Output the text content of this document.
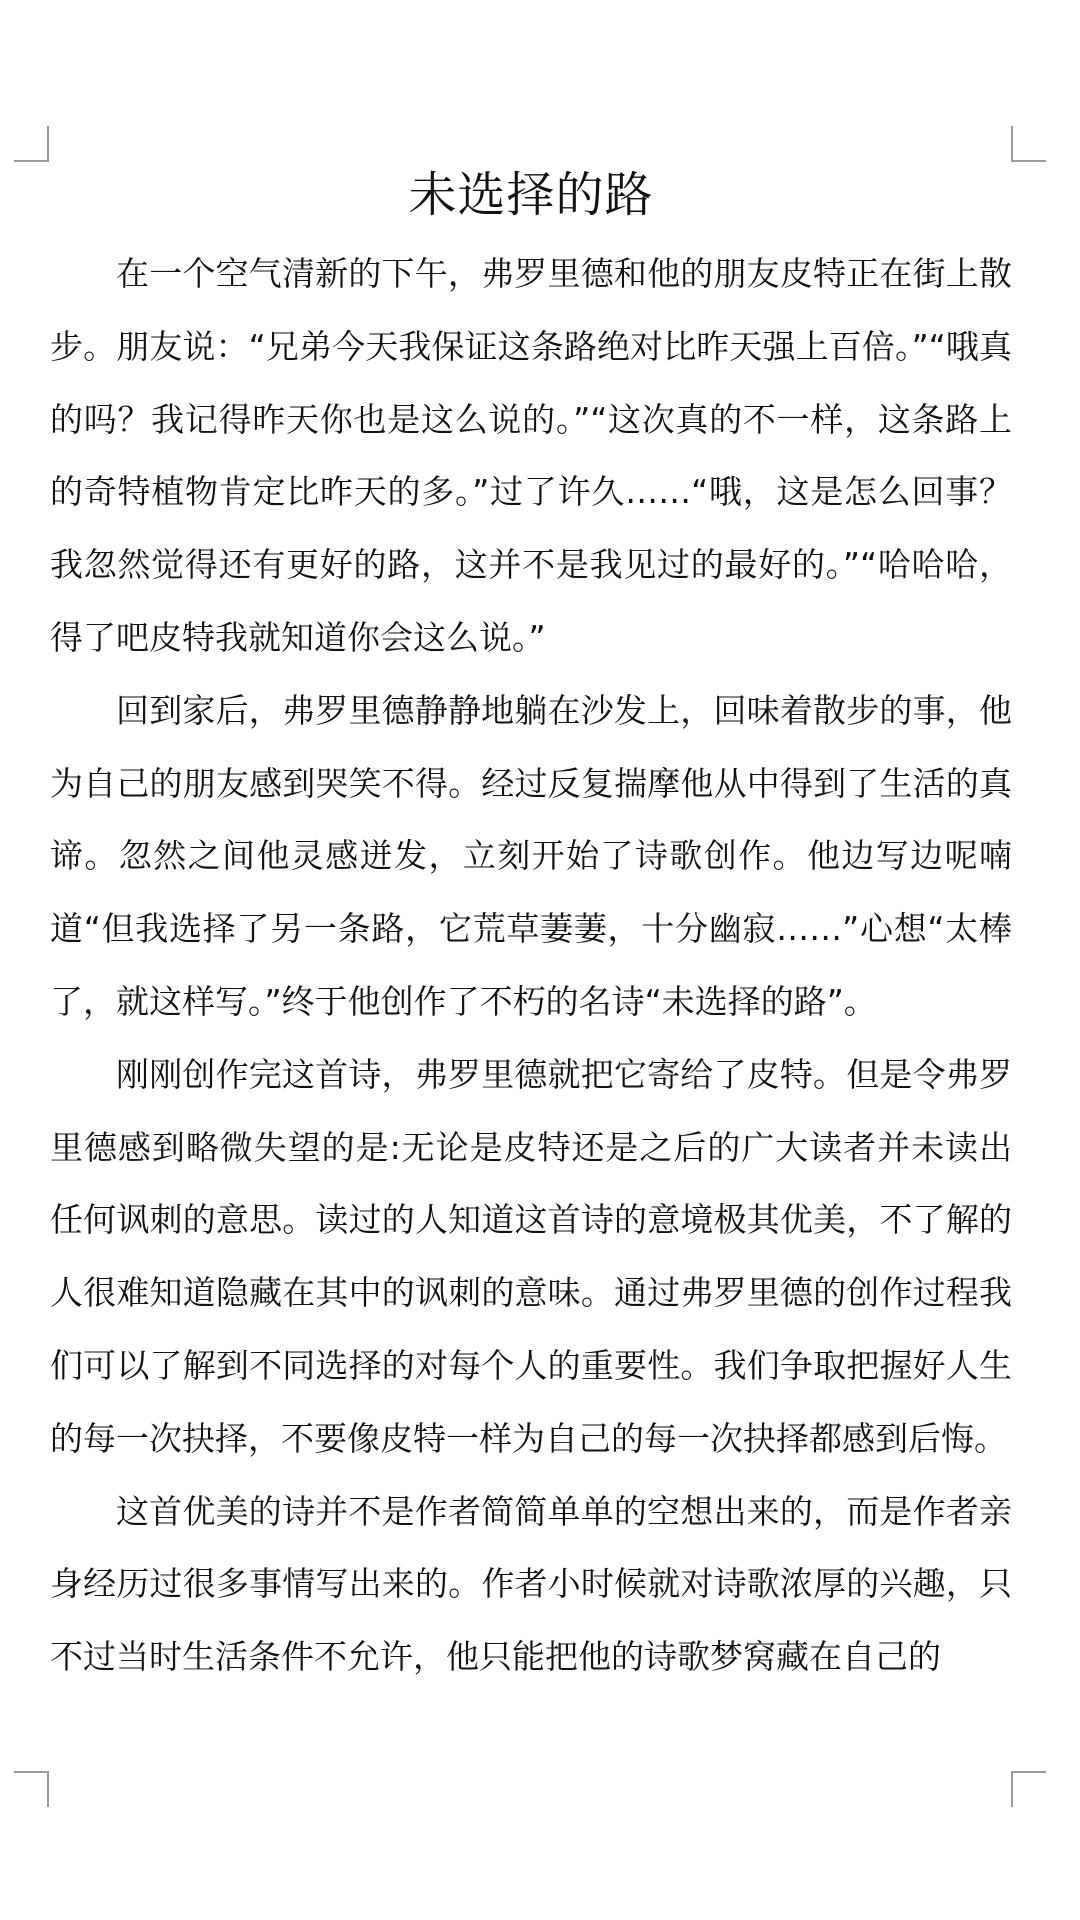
未选择的路

在一个空气清新的下午，弗罗里德和他的朋友皮特正在街上散步。朋友说：“兄弟今天我保证这条路绝对比昨天强上百倍。”“哦真的吗？我记得昨天你也是这么说的。”“这次真的不一样，这条路上的奇特植物肯定比昨天的多。”过了许久……“哦，这是怎么回事？我忽然觉得还有更好的路，这并不是我见过的最好的。”“哈哈哈，得了吧皮特我就知道你会这么说。”

回到家后，弗罗里德静静地躺在沙发上，回味着散步的事，他为自己的朋友感到哭笑不得。经过反复揣摩他从中得到了生活的真谛。忽然之间他灵感迸发，立刻开始了诗歌创作。他边写边呢喃道“但我选择了另一条路，它荒草萋萋，十分幽寂……”心想“太棒了，就这样写。”终于他创作了不朽的名诗“未选择的路”。

刚刚创作完这首诗，弗罗里德就把它寄给了皮特。但是令弗罗里德感到略微失望的是:无论是皮特还是之后的广大读者并未读出任何讽刺的意思。读过的人知道这首诗的意境极其优美，不了解的人很难知道隐藏在其中的讽刺的意味。通过弗罗里德的创作过程我们可以了解到不同选择的对每个人的重要性。我们争取把握好人生的每一次抉择，不要像皮特一样为自己的每一次抉择都感到后悔。

这首优美的诗并不是作者简简单单的空想出来的，而是作者亲身经历过很多事情写出来的。作者小时候就对诗歌浓厚的兴趣，只不过当时生活条件不允许，他只能把他的诗歌梦窝藏在自己的
